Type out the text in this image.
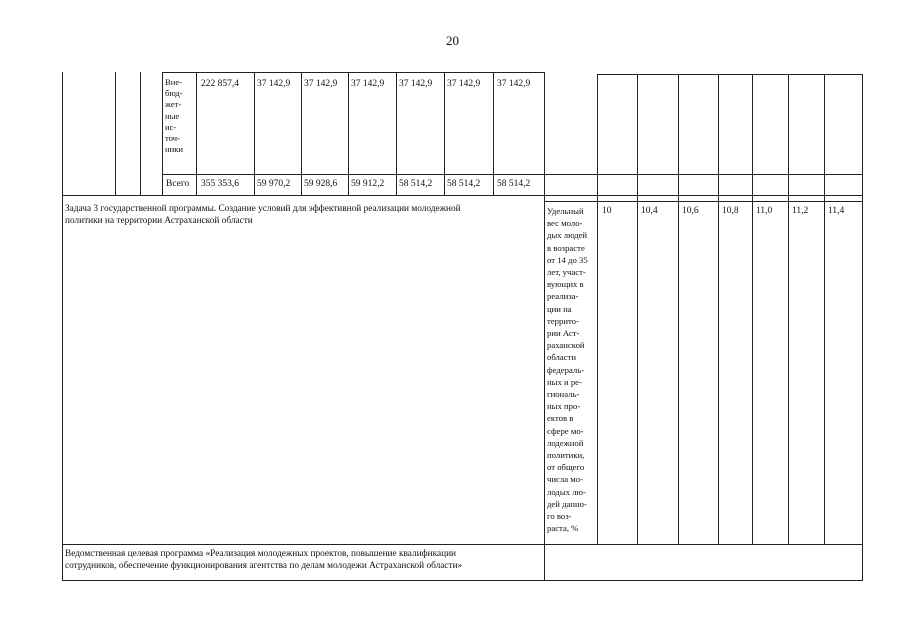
20
Вне-
бюд-
жет-
ные
ис-
точ-
ники
222 857,4 37 142,9 37 142,9 37 142,9 37 142,9 37 142,9 37 142,9
Всего 355 353,6 59 970,2 59 928,6 59 912,2 58 514,2 58 514,2 58 514,2
Задача 3 государственной программы. Создание условий для эффективной реализации молодежной
политики на территории Астраханской области
Удельный
вес моло-
дых людей
в возрасте
от 14 до 35
лет, участ-
вующих в
реализа-
ции на
террито-
рии Аст-
раханской
области
федераль-
ных и ре-
гиональ-
ных про-
ектов в
сфере мо-
лодежной
политики,
от общего
числа мо-
лодых лю-
дей данно-
го воз-
раста, %
10	10,4	10,6 10,8 11,0 11,2 11,4
Ведомственная целевая программа «Реализация молодежных проектов, повышение квалификации
сотрудников, обеспечение функционирования агентства по делам молодежи Астраханской области»
